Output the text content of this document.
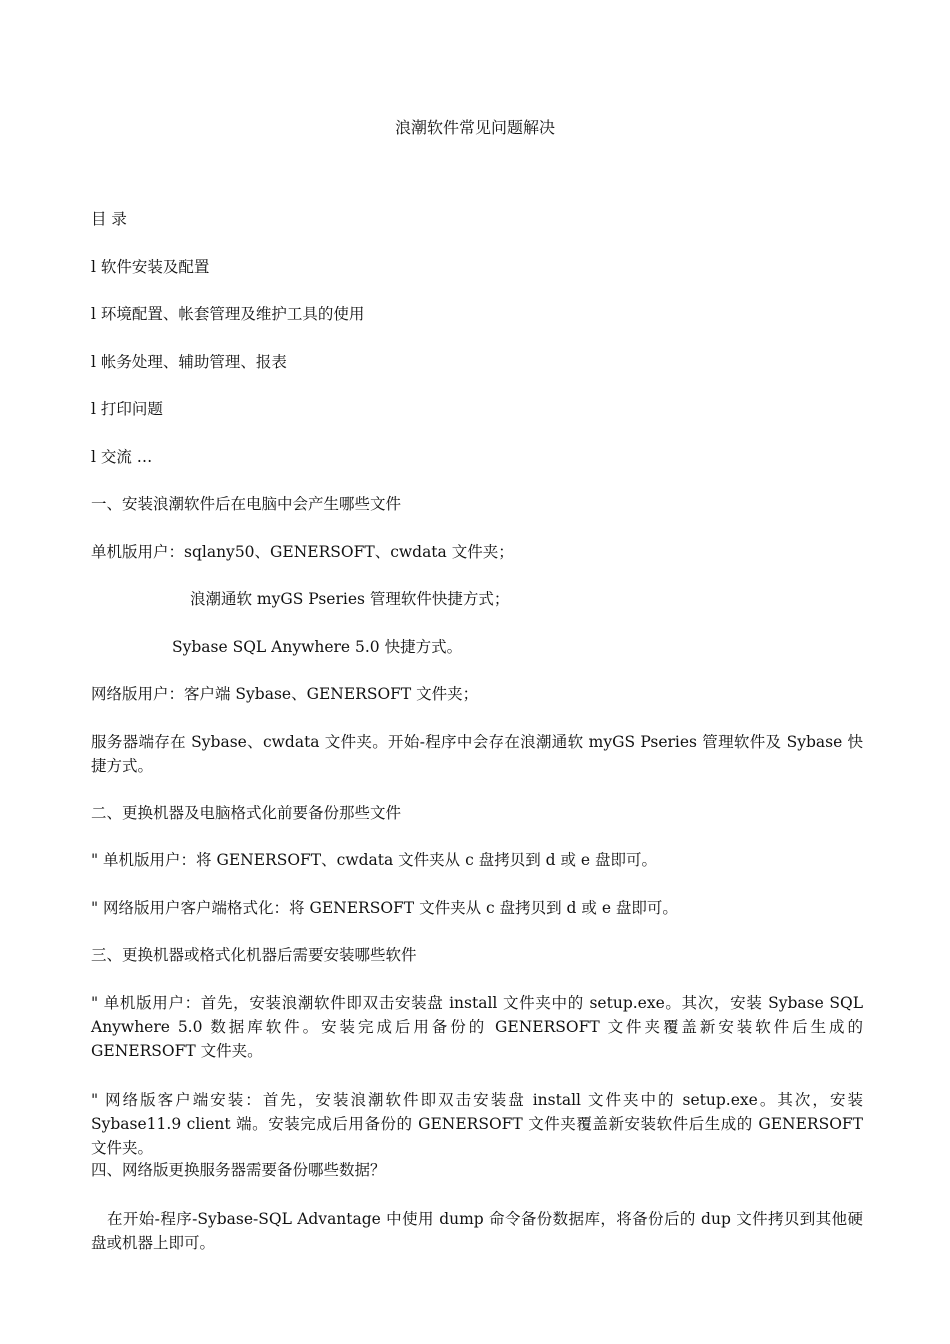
浪潮软件常见问题解决
目 录
l 软件安装及配置
l 环境配置、帐套管理及维护工具的使用
l 帐务处理、辅助管理、报表
l 打印问题
l 交流 …
一、安装浪潮软件后在电脑中会产生哪些文件
单机版用户：sqlany50、GENERSOFT、cwdata 文件夹；
浪潮通软 myGS Pseries 管理软件快捷方式；
Sybase SQL Anywhere 5.0 快捷方式。
网络版用户：客户端 Sybase、GENERSOFT 文件夹；
服务器端存在 Sybase、cwdata 文件夹。开始-程序中会存在浪潮通软 myGS Pseries 管理软件及 Sybase 快捷方式。
二、更换机器及电脑格式化前要备份那些文件
" 单机版用户：将 GENERSOFT、cwdata 文件夹从 c 盘拷贝到 d 或 e 盘即可。
" 网络版用户客户端格式化：将 GENERSOFT 文件夹从 c 盘拷贝到 d 或 e 盘即可。
三、更换机器或格式化机器后需要安装哪些软件
" 单机版用户：首先，安装浪潮软件即双击安装盘 install 文件夹中的 setup.exe。其次，安装 Sybase SQL Anywhere 5.0 数据库软件。安装完成后用备份的 GENERSOFT 文件夹覆盖新安装软件后生成的 GENERSOFT 文件夹。
" 网络版客户端安装：首先，安装浪潮软件即双击安装盘 install 文件夹中的 setup.exe。其次，安装 Sybase11.9 client 端。安装完成后用备份的 GENERSOFT 文件夹覆盖新安装软件后生成的 GENERSOFT 文件夹。
四、网络版更换服务器需要备份哪些数据？
在开始-程序-Sybase-SQL Advantage 中使用 dump 命令备份数据库，将备份后的 dup 文件拷贝到其他硬盘或机器上即可。
